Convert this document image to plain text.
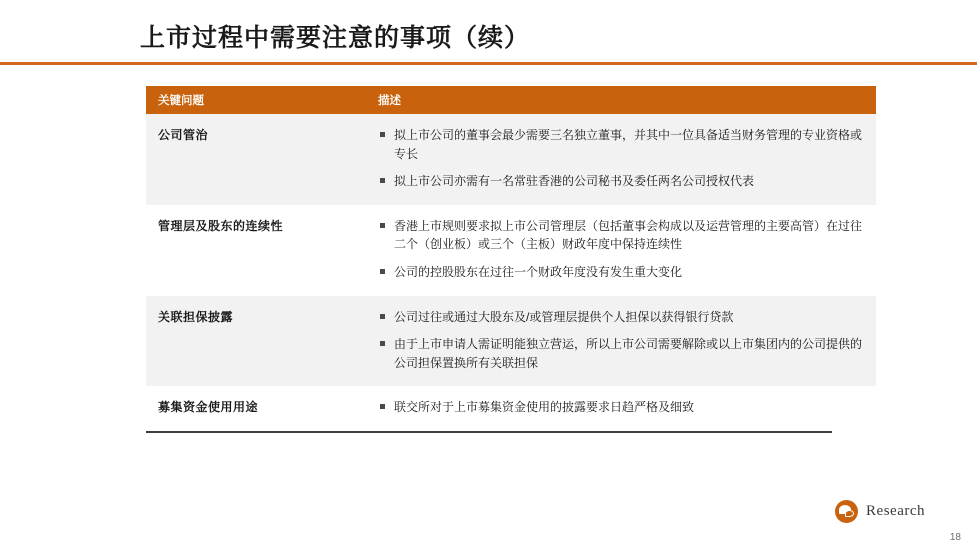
上市过程中需要注意的事项（续）
关键问题	描述
公司管治	拟上市公司的董事会最少需要三名独立董事，并其中一位具备适当财务管理的专业资格或专长
拟上市公司亦需有一名常驻香港的公司秘书及委任两名公司授权代表

管理层及股东的连续性	香港上市规则要求拟上市公司管理层（包括董事会构成以及运营管理的主要高管）在过往二个（创业板）或三个（主板）财政年度中保持连续性
公司的控股股东在过往一个财政年度没有发生重大变化

关联担保披露	公司过往或通过大股东及/或管理层提供个人担保以获得银行贷款
由于上市申请人需证明能独立营运，所以上市公司需要解除或以上市集团内的公司提供的公司担保置换所有关联担保

募集资金使用用途	联交所对于上市募集资金使用的披露要求日趋严格及细致
Research
18
